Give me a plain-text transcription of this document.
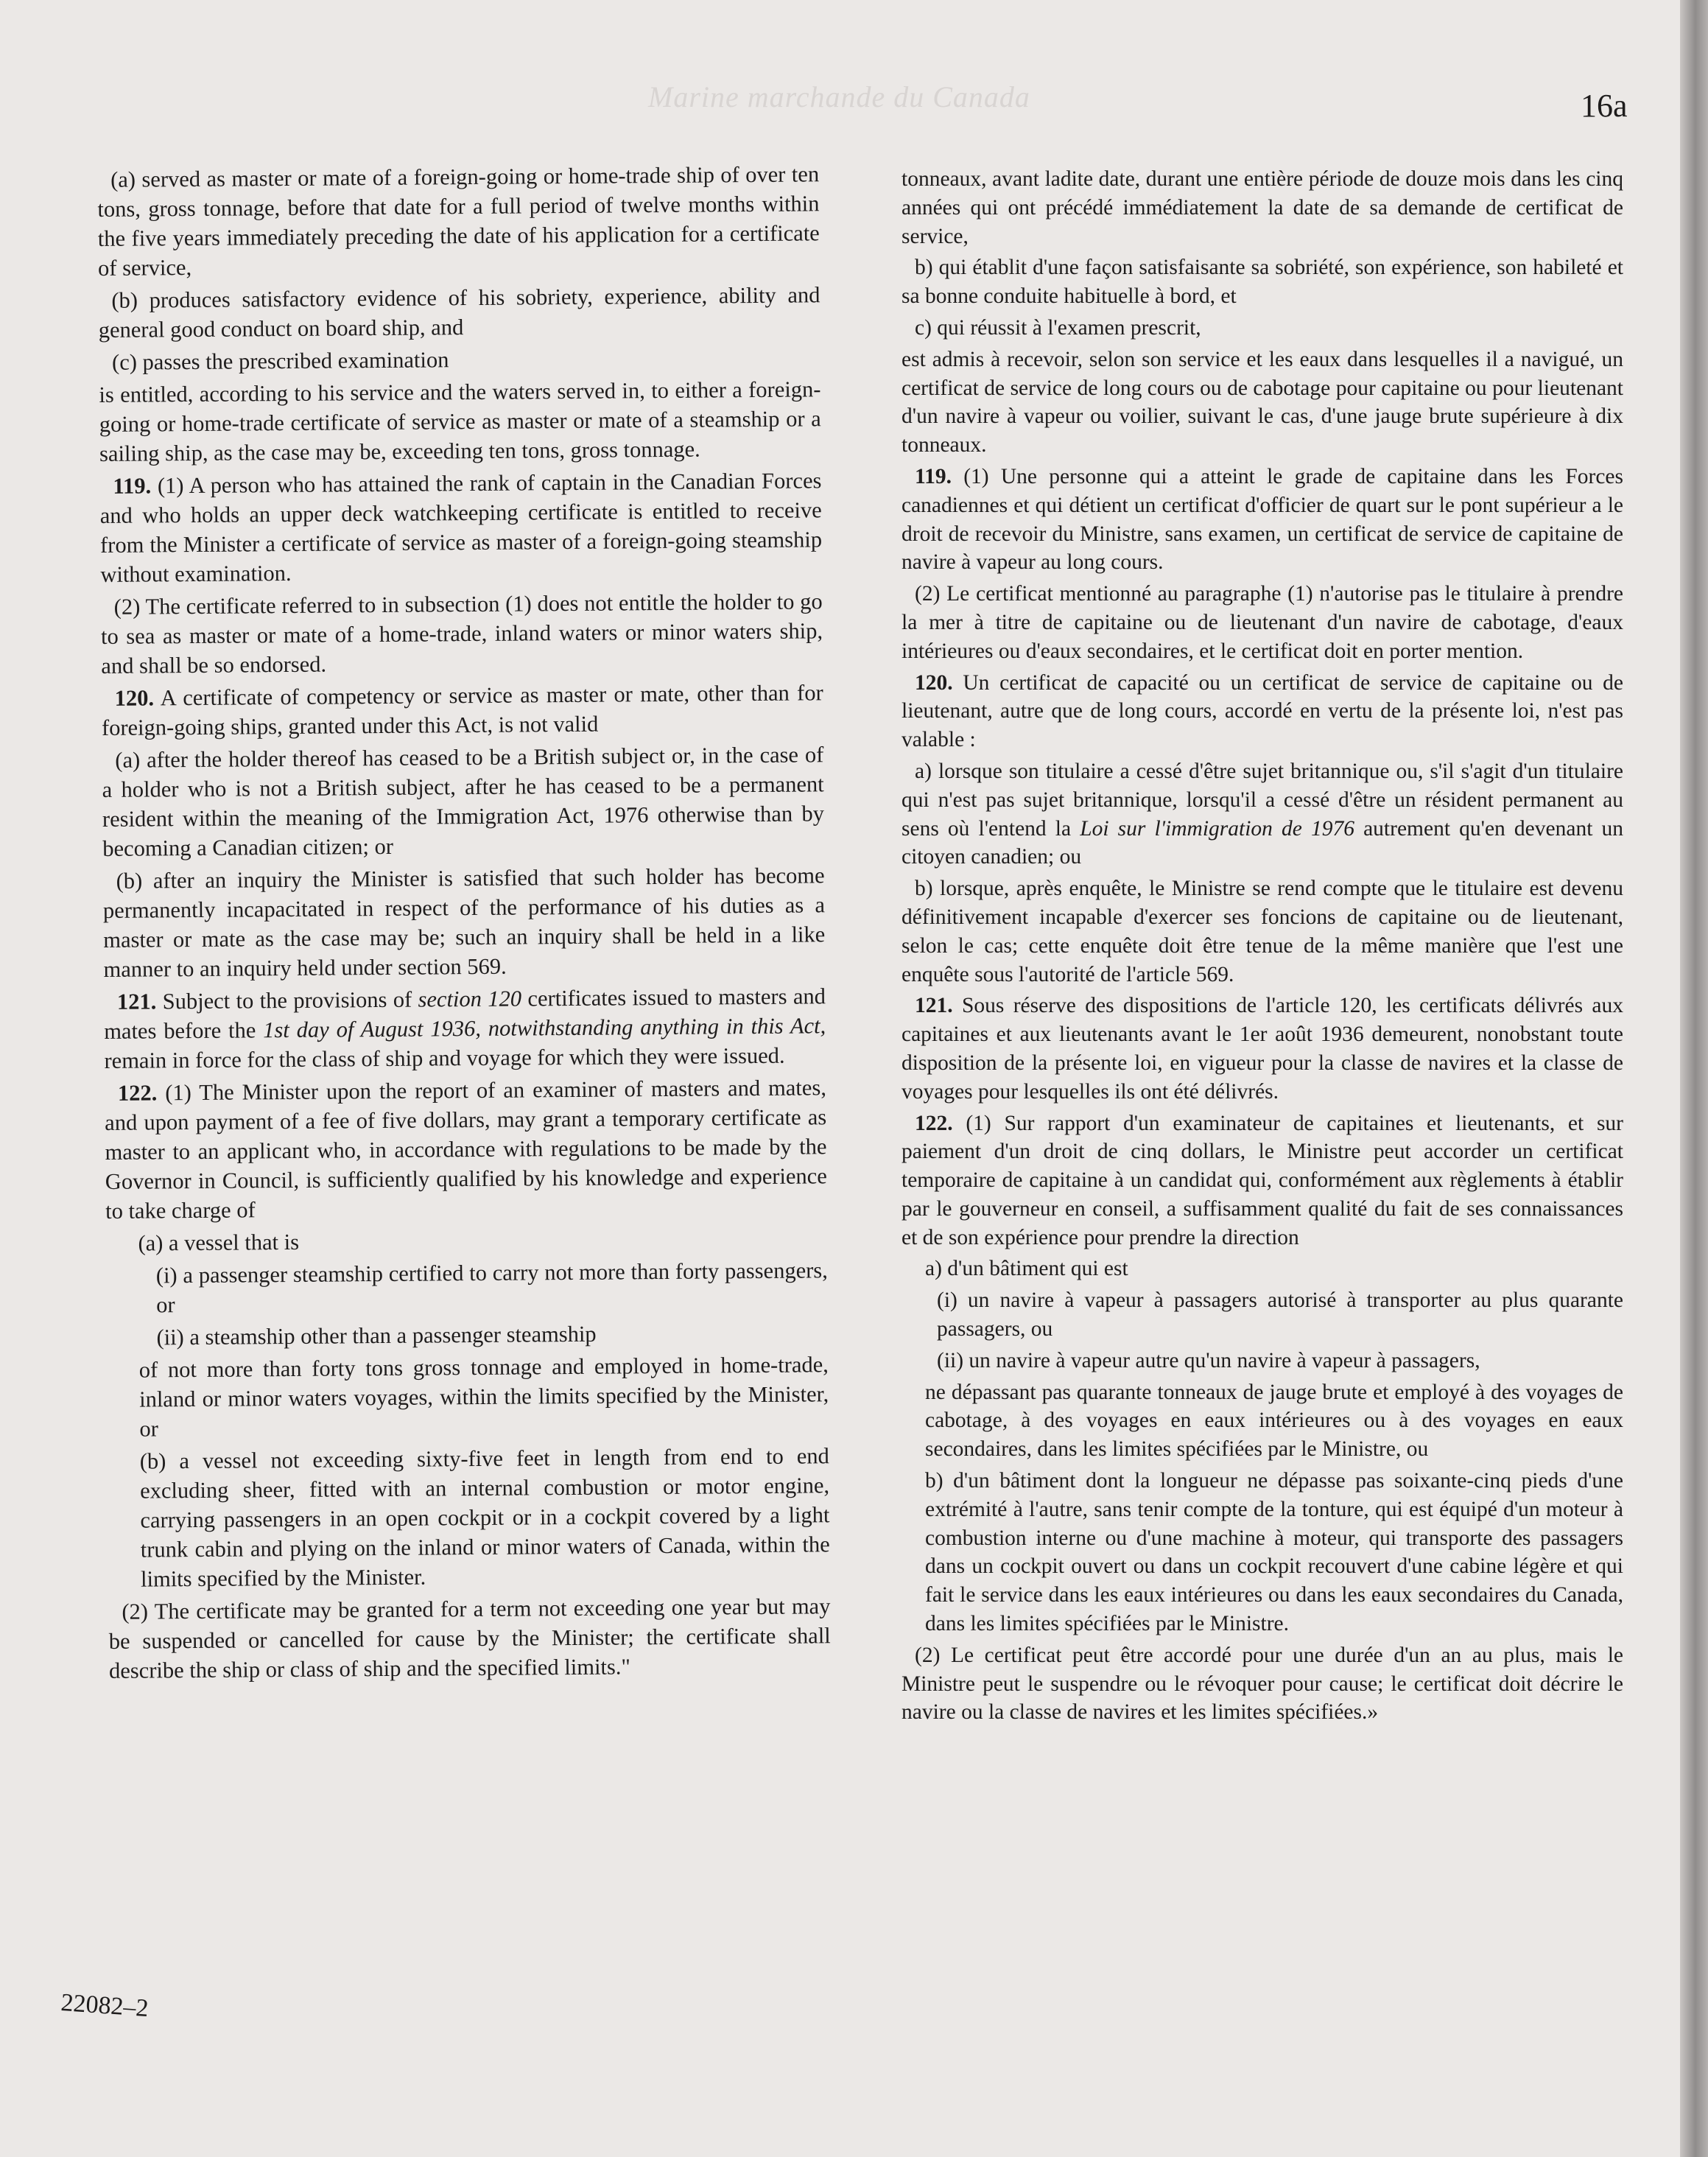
Marine marchande du Canada	16a

(a) served as master or mate of a foreign-going or home-trade ship of over ten tons, gross tonnage, before that date for a full period of twelve months within the five years immediately preceding the date of his application for a certificate of service,

(b) produces satisfactory evidence of his sobriety, experience, ability and general good conduct on board ship, and

(c) passes the prescribed examination

is entitled, according to his service and the waters served in, to either a foreign-going or home-trade certificate of service as master or mate of a steamship or a sailing ship, as the case may be, exceeding ten tons, gross tonnage.

119. (1) A person who has attained the rank of captain in the Canadian Forces and who holds an upper deck watchkeeping certificate is entitled to receive from the Minister a certificate of service as master of a foreign-going steamship without examination.

(2) The certificate referred to in subsection (1) does not entitle the holder to go to sea as master or mate of a home-trade, inland waters or minor waters ship, and shall be so endorsed.

120. A certificate of competency or service as master or mate, other than for foreign-going ships, granted under this Act, is not valid

(a) after the holder thereof has ceased to be a British subject or, in the case of a holder who is not a British subject, after he has ceased to be a permanent resident within the meaning of the Immigration Act, 1976 otherwise than by becoming a Canadian citizen; or

(b) after an inquiry the Minister is satisfied that such holder has become permanently incapacitated in respect of the performance of his duties as a master or mate as the case may be; such an inquiry shall be held in a like manner to an inquiry held under section 569.

121. Subject to the provisions of section 120 certificates issued to masters and mates before the 1st day of August 1936, notwithstanding anything in this Act, remain in force for the class of ship and voyage for which they were issued.

122. (1) The Minister upon the report of an examiner of masters and mates, and upon payment of a fee of five dollars, may grant a temporary certificate as master to an applicant who, in accordance with regulations to be made by the Governor in Council, is sufficiently qualified by his knowledge and experience to take charge of

(a) a vessel that is

(i) a passenger steamship certified to carry not more than forty passengers, or

(ii) a steamship other than a passenger steamship

of not more than forty tons gross tonnage and employed in home-trade, inland or minor waters voyages, within the limits specified by the Minister, or

(b) a vessel not exceeding sixty-five feet in length from end to end excluding sheer, fitted with an internal combustion or motor engine, carrying passengers in an open cockpit or in a cockpit covered by a light trunk cabin and plying on the inland or minor waters of Canada, within the limits specified by the Minister.

(2) The certificate may be granted for a term not exceeding one year but may be suspended or cancelled for cause by the Minister; the certificate shall describe the ship or class of ship and the specified limits."

tonneaux, avant ladite date, durant une entière période de douze mois dans les cinq années qui ont précédé immédiatement la date de sa demande de certificat de service,

b) qui établit d'une façon satisfaisante sa sobriété, son expérience, son habileté et sa bonne conduite habituelle à bord, et

c) qui réussit à l'examen prescrit,

est admis à recevoir, selon son service et les eaux dans lesquelles il a navigué, un certificat de service de long cours ou de cabotage pour capitaine ou pour lieutenant d'un navire à vapeur ou voilier, suivant le cas, d'une jauge brute supérieure à dix tonneaux.

119. (1) Une personne qui a atteint le grade de capitaine dans les Forces canadiennes et qui détient un certificat d'officier de quart sur le pont supérieur a le droit de recevoir du Ministre, sans examen, un certificat de service de capitaine de navire à vapeur au long cours.

(2) Le certificat mentionné au paragraphe (1) n'autorise pas le titulaire à prendre la mer à titre de capitaine ou de lieutenant d'un navire de cabotage, d'eaux intérieures ou d'eaux secondaires, et le certificat doit en porter mention.

120. Un certificat de capacité ou un certificat de service de capitaine ou de lieutenant, autre que de long cours, accordé en vertu de la présente loi, n'est pas valable :

a) lorsque son titulaire a cessé d'être sujet britannique ou, s'il s'agit d'un titulaire qui n'est pas sujet britannique, lorsqu'il a cessé d'être un résident permanent au sens où l'entend la Loi sur l'immigration de 1976 autrement qu'en devenant un citoyen canadien; ou

b) lorsque, après enquête, le Ministre se rend compte que le titulaire est devenu définitivement incapable d'exercer ses foncions de capitaine ou de lieutenant, selon le cas; cette enquête doit être tenue de la même manière que l'est une enquête sous l'autorité de l'article 569.

121. Sous réserve des dispositions de l'article 120, les certificats délivrés aux capitaines et aux lieutenants avant le 1er août 1936 demeurent, nonobstant toute disposition de la présente loi, en vigueur pour la classe de navires et la classe de voyages pour lesquelles ils ont été délivrés.

122. (1) Sur rapport d'un examinateur de capitaines et lieutenants, et sur paiement d'un droit de cinq dollars, le Ministre peut accorder un certificat temporaire de capitaine à un candidat qui, conformément aux règlements à établir par le gouverneur en conseil, a suffisamment qualité du fait de ses connaissances et de son expérience pour prendre la direction

a) d'un bâtiment qui est

(i) un navire à vapeur à passagers autorisé à transporter au plus quarante passagers, ou

(ii) un navire à vapeur autre qu'un navire à vapeur à passagers,

ne dépassant pas quarante tonneaux de jauge brute et employé à des voyages de cabotage, à des voyages en eaux intérieures ou à des voyages en eaux secondaires, dans les limites spécifiées par le Ministre, ou

b) d'un bâtiment dont la longueur ne dépasse pas soixante-cinq pieds d'une extrémité à l'autre, sans tenir compte de la tonture, qui est équipé d'un moteur à combustion interne ou d'une machine à moteur, qui transporte des passagers dans un cockpit ouvert ou dans un cockpit recouvert d'une cabine légère et qui fait le service dans les eaux intérieures ou dans les eaux secondaires du Canada, dans les limites spécifiées par le Ministre.

(2) Le certificat peut être accordé pour une durée d'un an au plus, mais le Ministre peut le suspendre ou le révoquer pour cause; le certificat doit décrire le navire ou la classe de navires et les limites spécifiées.»

22082–2
